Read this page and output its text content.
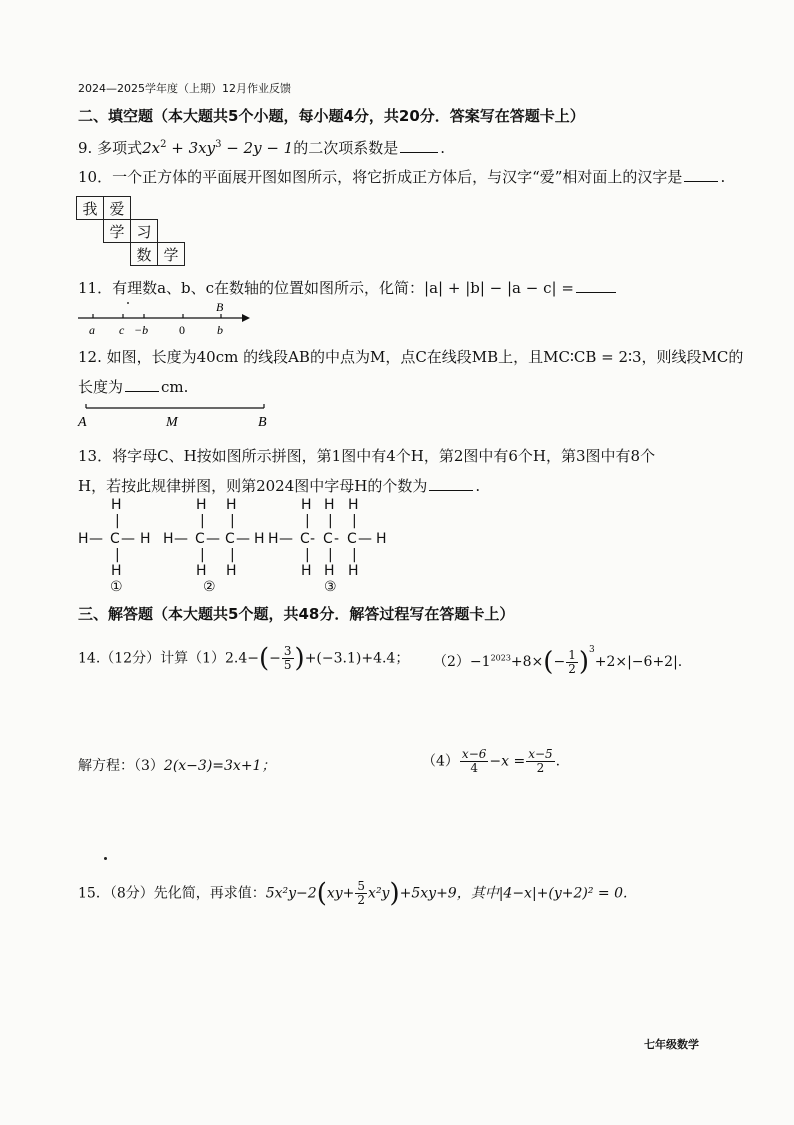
2024—2025学年度（上期）12月作业反馈
二、填空题（本大题共5个小题，每小题4分，共20分．答案写在答题卡上）
9. 多项式$2x^2 + 3xy^3 - 2y - 1$的二次项系数是	.
10．一个正方体的平面展开图如图所示，将它折成正方体后，与汉字“爱”相对面上的汉字是	.
我 爱
学 习
数 学
11．有理数a、b、c在数轴的位置如图所示，化简：|a| + |b| − |a − c| =
B
a c −b	0	b
12. 如图，长度为40cm 的线段AB的中点为M，点C在线段MB上，且MC∶CB = 2∶3，则线段MC的
长度为	cm.
A	M	B
13．将字母C、H按如图所示拼图，第1图中有4个H，第2图中有6个H，第3图中有8个
H，若按此规律拼图，则第2024图中字母H的个数为	.
H
|
H — C — H
|
H
①
H H
| |
H — C — C — H
| |
H H
②
H H H
| | |
H — C - C - C — H
| | |
H H H
③
三、解答题（本大题共5个题，共48分．解答过程写在答题卡上）
14.（12分）计算$(1)2.4-(- \frac{3}{5} )+(-3.1)+4.4$； $(2)-1^{2023}+8\times(- \frac{1}{2} )^3+2\times|-6+2|$.
解方程：（3）2(x−3)=3x+1；	$(4) \frac{x-6}{4} -x = \frac{x-5}{2}$ .
15．（8分）先化简，再求值：$5x^2y-2(xy+ \frac{5}{2} x^2y)+5xy+9$，其中|4−x|+(y+2)² = 0.
七年级数学
